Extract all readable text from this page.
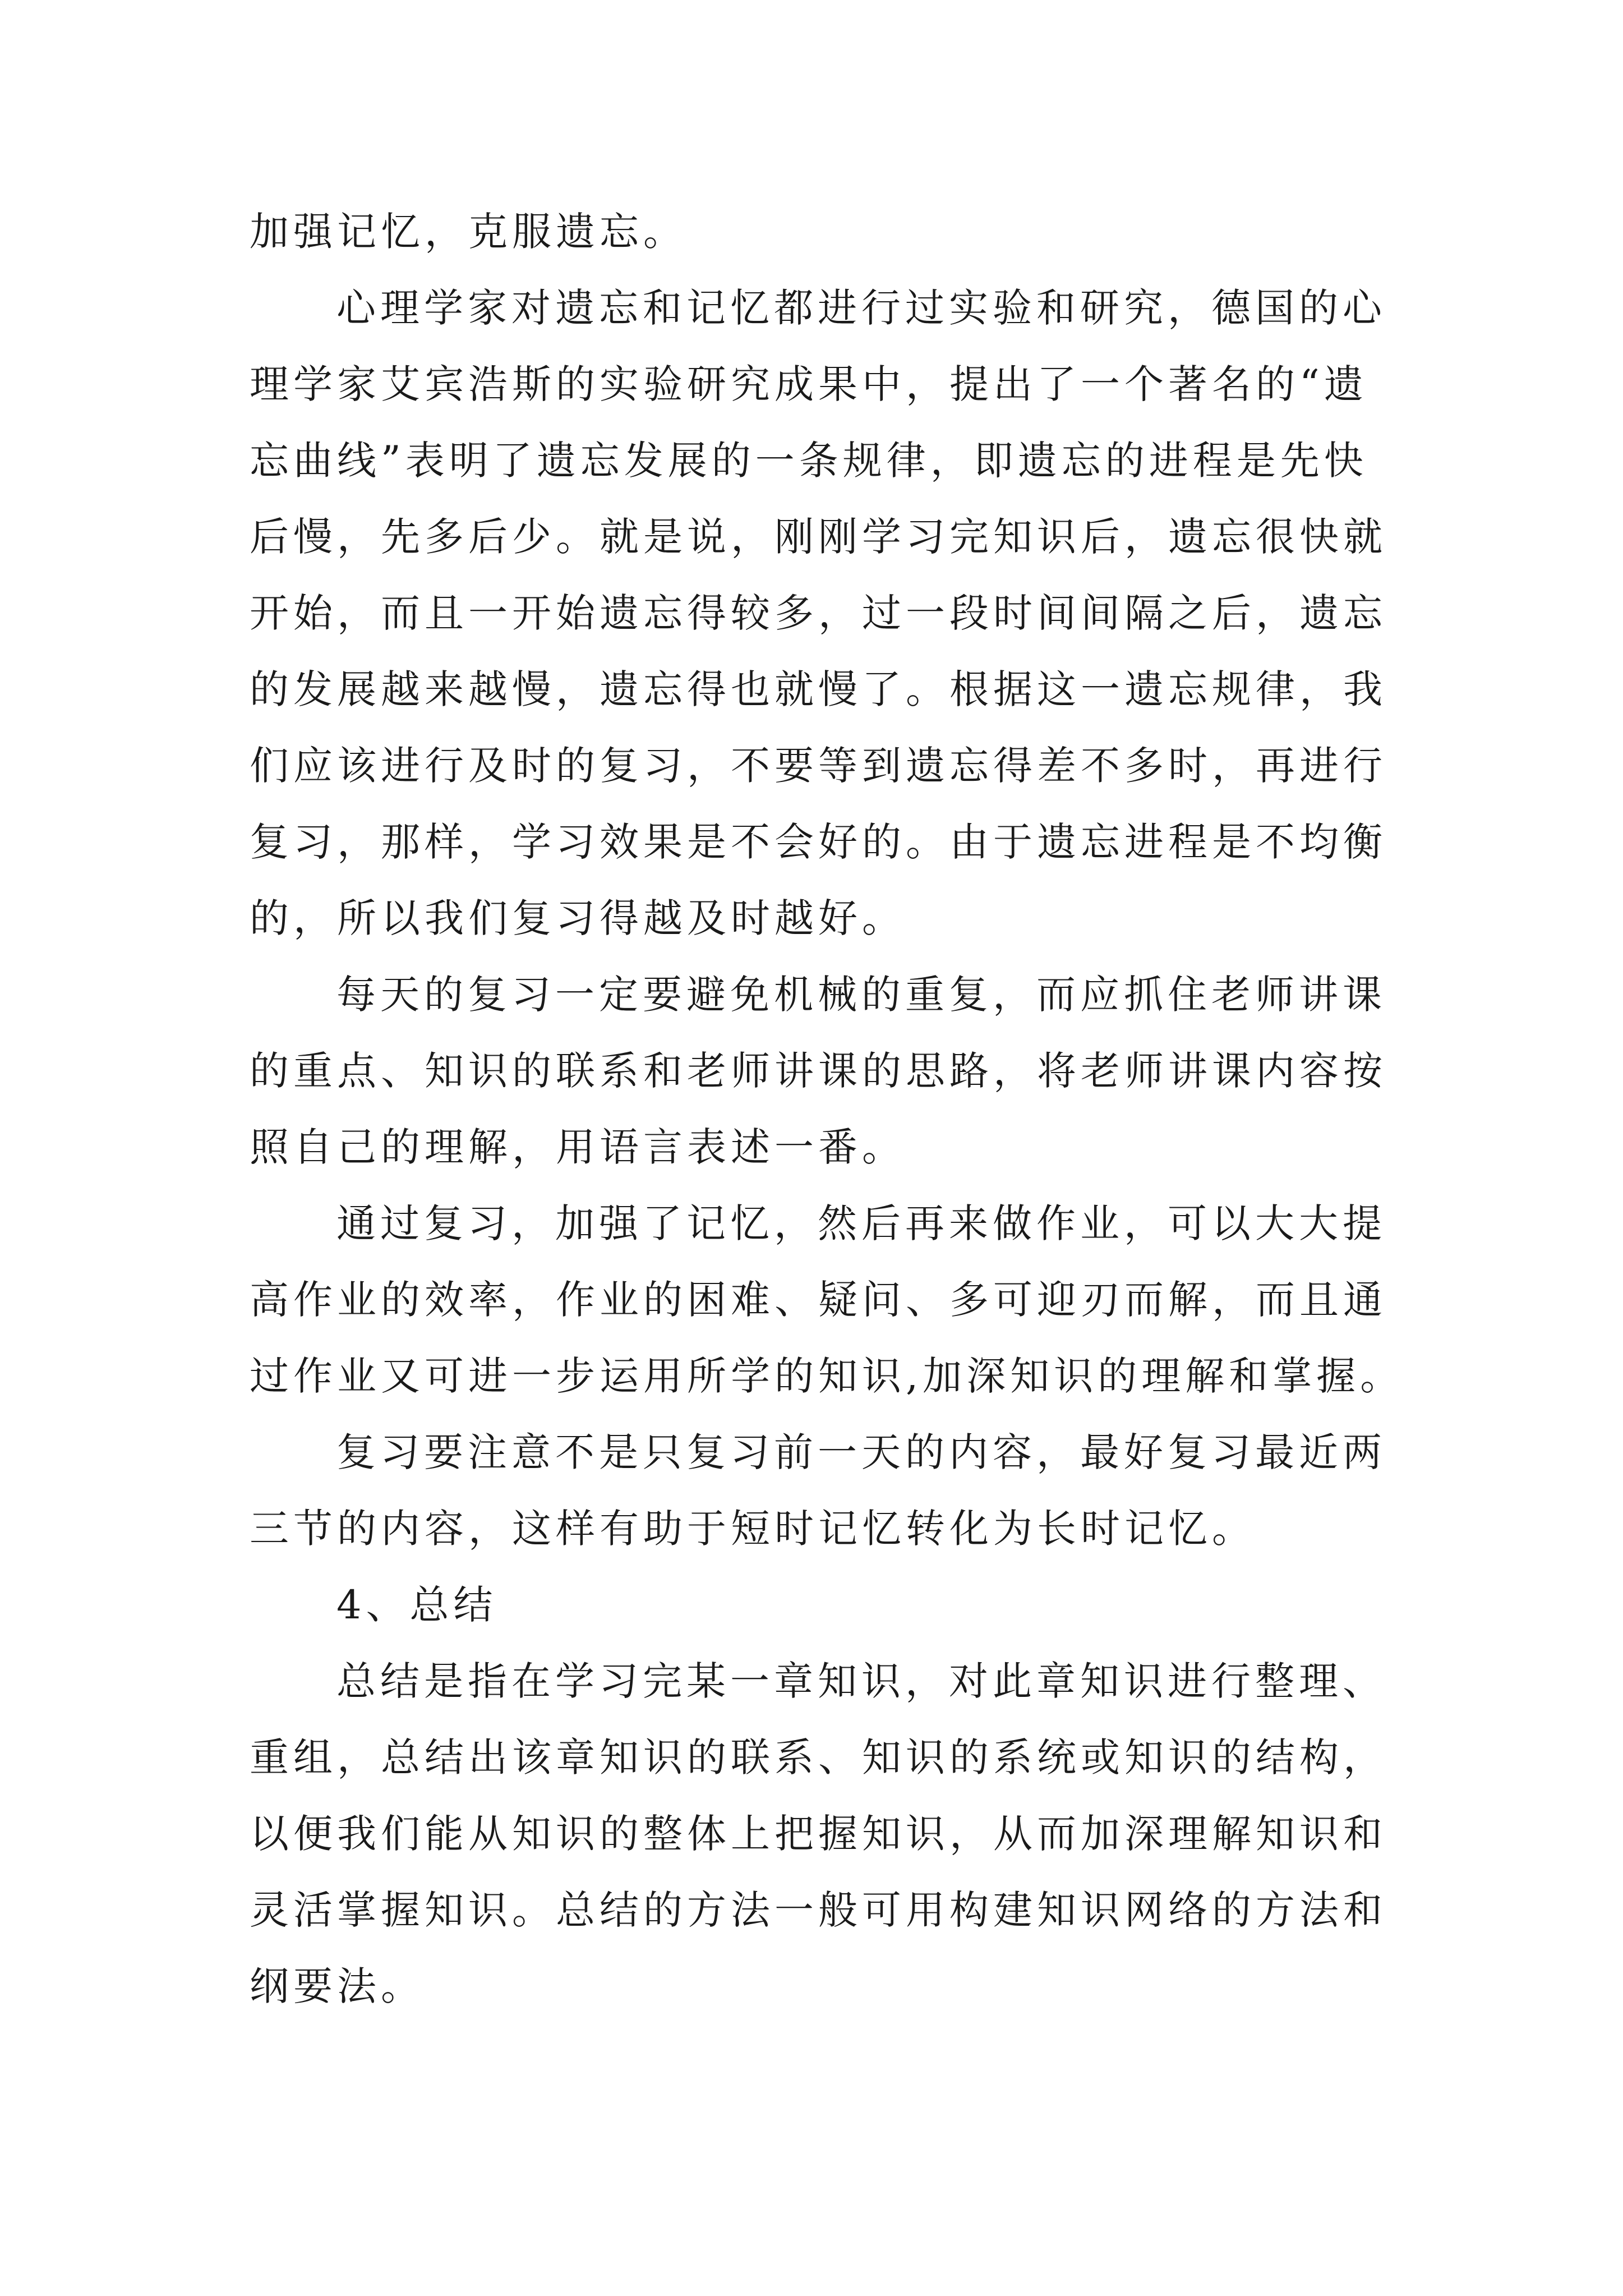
加强记忆，克服遗忘。
心理学家对遗忘和记忆都进行过实验和研究，德国的心
理学家艾宾浩斯的实验研究成果中，提出了一个著名的“遗
忘曲线”表明了遗忘发展的一条规律，即遗忘的进程是先快
后慢，先多后少。就是说，刚刚学习完知识后，遗忘很快就
开始，而且一开始遗忘得较多，过一段时间间隔之后，遗忘
的发展越来越慢，遗忘得也就慢了。根据这一遗忘规律，我
们应该进行及时的复习，不要等到遗忘得差不多时，再进行
复习，那样，学习效果是不会好的。由于遗忘进程是不均衡
的，所以我们复习得越及时越好。
每天的复习一定要避免机械的重复，而应抓住老师讲课
的重点、知识的联系和老师讲课的思路，将老师讲课内容按
照自己的理解，用语言表述一番。
通过复习，加强了记忆，然后再来做作业，可以大大提
高作业的效率，作业的困难、疑问、多可迎刃而解，而且通
过作业又可进一步运用所学的知识,加深知识的理解和掌握。
复习要注意不是只复习前一天的内容，最好复习最近两
三节的内容，这样有助于短时记忆转化为长时记忆。
4、总结
总结是指在学习完某一章知识，对此章知识进行整理、
重组，总结出该章知识的联系、知识的系统或知识的结构，
以便我们能从知识的整体上把握知识，从而加深理解知识和
灵活掌握知识。总结的方法一般可用构建知识网络的方法和
纲要法。
